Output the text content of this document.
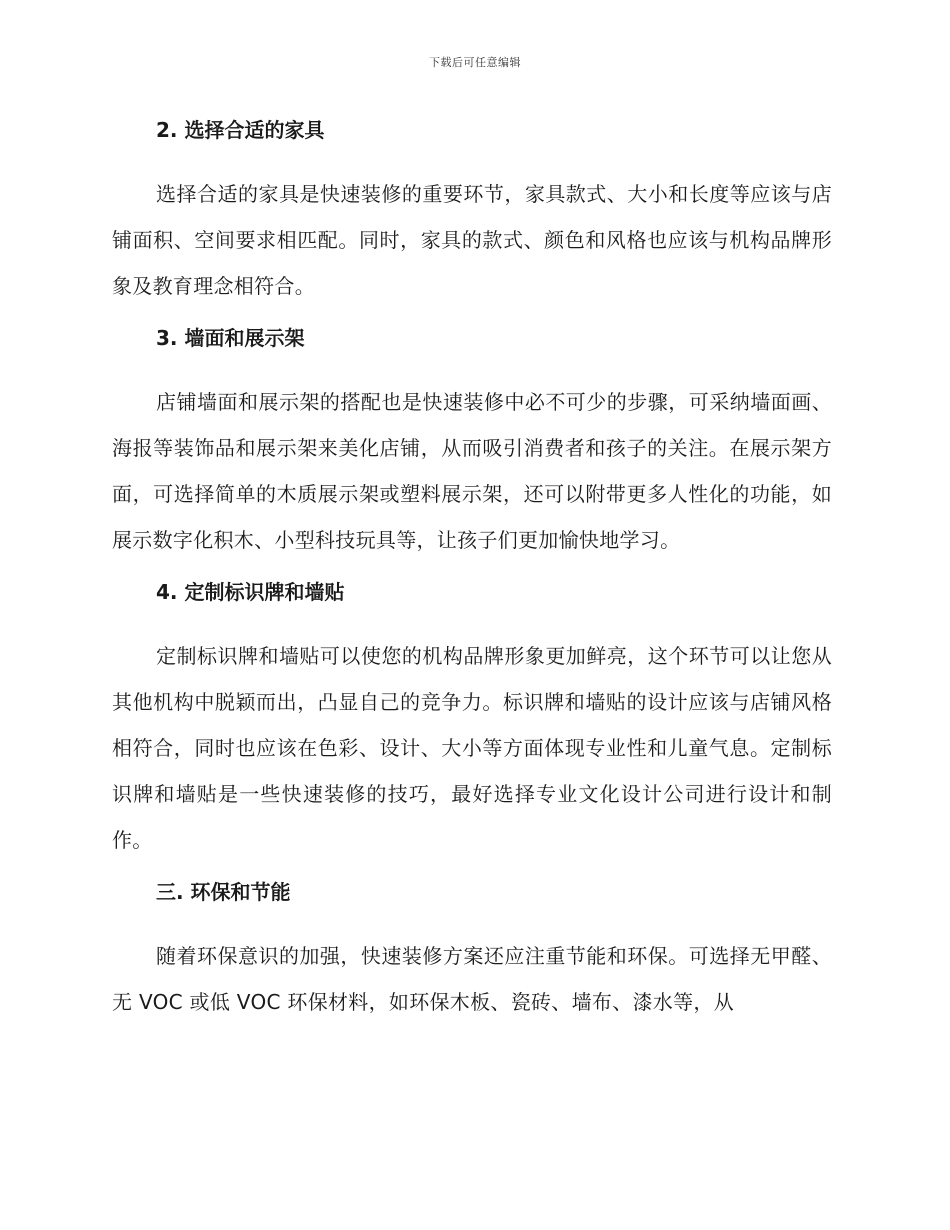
下载后可任意编辑
2. 选择合适的家具

选择合适的家具是快速装修的重要环节，家具款式、大小和长度等应该与店铺面积、空间要求相匹配。同时，家具的款式、颜色和风格也应该与机构品牌形象及教育理念相符合。

3. 墙面和展示架

店铺墙面和展示架的搭配也是快速装修中必不可少的步骤，可采纳墙面画、海报等装饰品和展示架来美化店铺，从而吸引消费者和孩子的关注。在展示架方面，可选择简单的木质展示架或塑料展示架，还可以附带更多人性化的功能，如展示数字化积木、小型科技玩具等，让孩子们更加愉快地学习。

4. 定制标识牌和墙贴

定制标识牌和墙贴可以使您的机构品牌形象更加鲜亮，这个环节可以让您从其他机构中脱颖而出，凸显自己的竞争力。标识牌和墙贴的设计应该与店铺风格相符合，同时也应该在色彩、设计、大小等方面体现专业性和儿童气息。定制标识牌和墙贴是一些快速装修的技巧，最好选择专业文化设计公司进行设计和制作。

三. 环保和节能

随着环保意识的加强，快速装修方案还应注重节能和环保。可选择无甲醛、无 VOC 或低 VOC 环保材料，如环保木板、瓷砖、墙布、漆水等，从
